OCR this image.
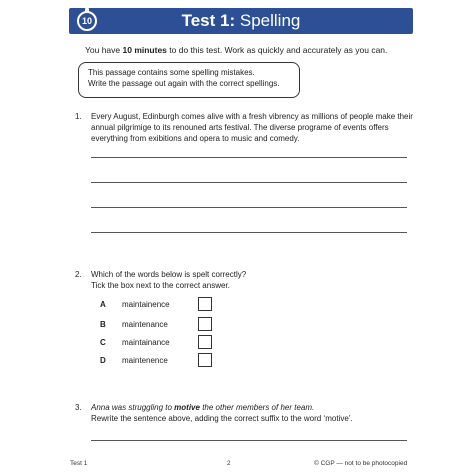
10	Test 1: Spelling
You have 10 minutes to do this test. Work as quickly and accurately as you can.
This passage contains some spelling mistakes.
Write the passage out again with the correct spellings.
1. Every August, Edinburgh comes alive with a fresh vibrency as millions of people make their annual pilgrimige to its renouned arts festival. The diverse programe of events offers everything from exibitions and opera to music and comedy.
2. Which of the words below is spelt correctly?
Tick the box next to the correct answer.
A maintainence
B maintenance
C maintainance
D maintenence
3. Anna was struggling to motive the other members of her team.
Rewrite the sentence above, adding the correct suffix to the word ‘motive’.
Test 1	2	© CGP — not to be photocopied
